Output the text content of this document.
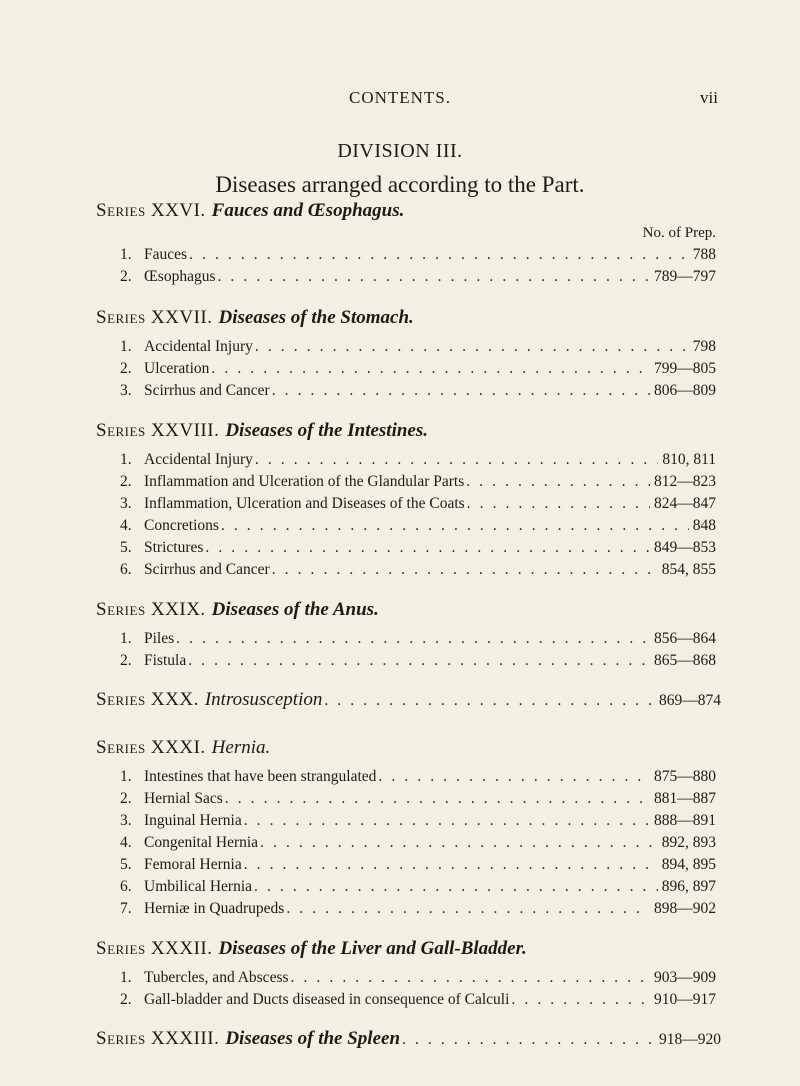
CONTENTS.	vii
DIVISION III.
Diseases arranged according to the Part.
Series XXVI. Fauces and Œsophagus.
No. of Prep.
1. Fauces . . .	788
2. Œsophagus . . .	789—797
Series XXVII. Diseases of the Stomach.
1. Accidental Injury . . .	798
2. Ulceration . . .	799—805
3. Scirrhus and Cancer . . .	806—809
Series XXVIII. Diseases of the Intestines.
1. Accidental Injury . . .	810, 811
2. Inflammation and Ulceration of the Glandular Parts . . .	812—823
3. Inflammation, Ulceration and Diseases of the Coats . . .	824—847
4. Concretions . . .	848
5. Strictures . . .	849—853
6. Scirrhus and Cancer . . .	854, 855
Series XXIX. Diseases of the Anus.
1. Piles . . .	856—864
2. Fistula . . .	865—868
Series XXX. Introsusception . . .	869—874
Series XXXI. Hernia.
1. Intestines that have been strangulated . . .	875—880
2. Hernial Sacs . . .	881—887
3. Inguinal Hernia . . .	888—891
4. Congenital Hernia . . .	892, 893
5. Femoral Hernia . . .	894, 895
6. Umbilical Hernia . . .	896, 897
7. Herniæ in Quadrupeds . . .	898—902
Series XXXII. Diseases of the Liver and Gall-Bladder.
1. Tubercles, and Abscess . . .	903—909
2. Gall-bladder and Ducts diseased in consequence of Calculi . . .	910—917
Series XXXIII. Diseases of the Spleen . . .	918—920
